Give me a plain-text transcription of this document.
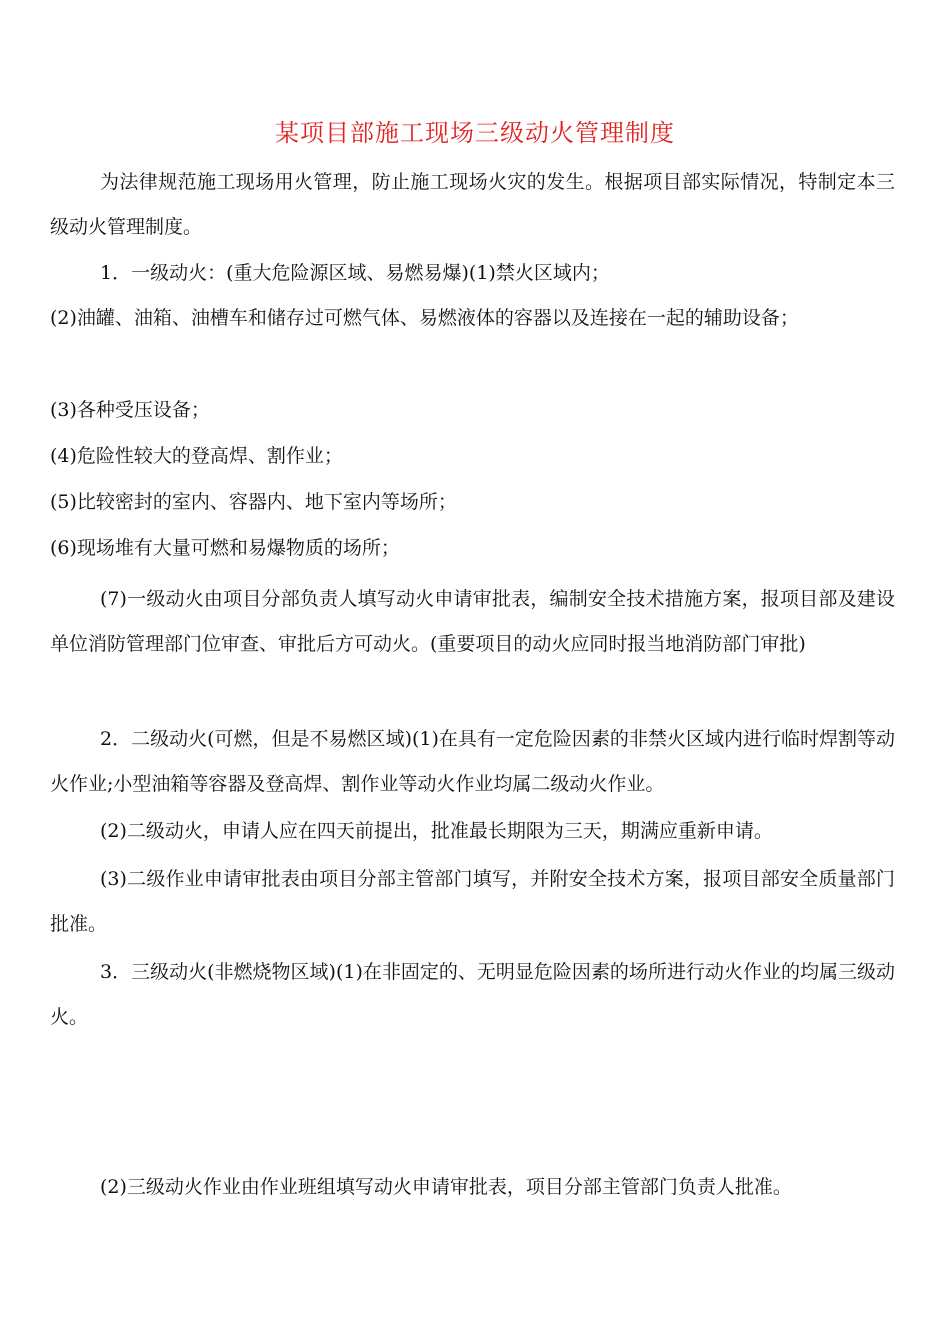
某项目部施工现场三级动火管理制度

为法律规范施工现场用火管理，防止施工现场火灾的发生。根据项目部实际情况，特制定本三级动火管理制度。

1．一级动火：(重大危险源区域、易燃易爆)(1)禁火区域内；

(2)油罐、油箱、油槽车和储存过可燃气体、易燃液体的容器以及连接在一起的辅助设备；

(3)各种受压设备；

(4)危险性较大的登高焊、割作业；

(5)比较密封的室内、容器内、地下室内等场所；

(6)现场堆有大量可燃和易爆物质的场所；

(7)一级动火由项目分部负责人填写动火申请审批表，编制安全技术措施方案，报项目部及建设单位消防管理部门位审查、审批后方可动火。(重要项目的动火应同时报当地消防部门审批)

2．二级动火(可燃，但是不易燃区域)(1)在具有一定危险因素的非禁火区域内进行临时焊割等动火作业;小型油箱等容器及登高焊、割作业等动火作业均属二级动火作业。

(2)二级动火，申请人应在四天前提出，批准最长期限为三天，期满应重新申请。

(3)二级作业申请审批表由项目分部主管部门填写，并附安全技术方案，报项目部安全质量部门批准。

3．三级动火(非燃烧物区域)(1)在非固定的、无明显危险因素的场所进行动火作业的均属三级动火。

(2)三级动火作业由作业班组填写动火申请审批表，项目分部主管部门负责人批准。
